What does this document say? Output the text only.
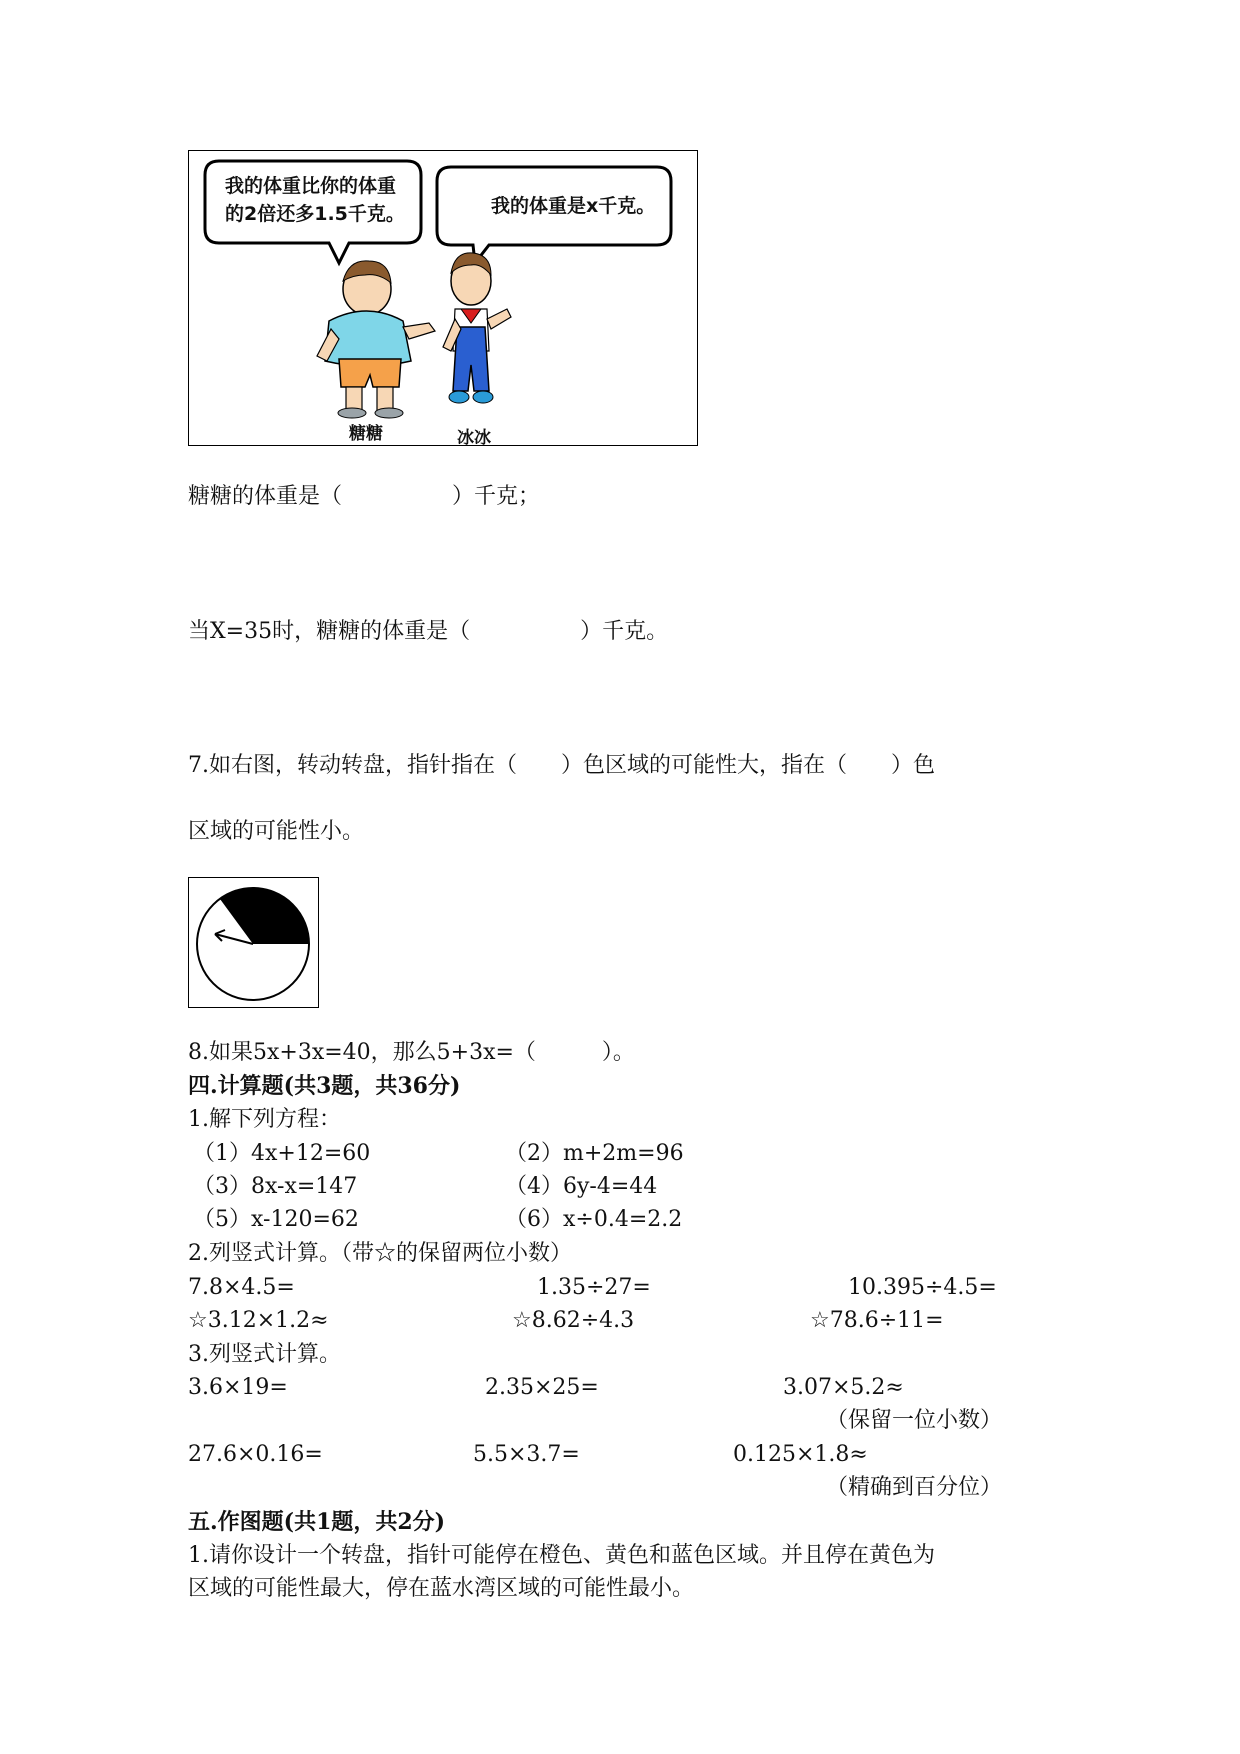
我的体重比你的体重
的2倍还多1.5千克。	我的体重是x千克。
糖糖	冰冰
糖糖的体重是（　　　　　）千克；
当X=35时，糖糖的体重是（　　　　　）千克。
7.如右图，转动转盘，指针指在（　　）色区域的可能性大，指在（　　）色
区域的可能性小。
8.如果5x+3x=40，那么5+3x=（　　　）。
四.计算题(共3题，共36分)
1.解下列方程：
（1）4x+12=60	（2）m+2m=96
（3）8x-x=147	（4）6y-4=44
（5）x-120=62	（6）x÷0.4=2.2
2.列竖式计算。（带☆的保留两位小数）
7.8×4.5=	1.35÷27=	10.395÷4.5=
☆3.12×1.2≈	☆8.62÷4.3	☆78.6÷11=
3.列竖式计算。
3.6×19=	2.35×25=	3.07×5.2≈
（保留一位小数）
27.6×0.16=	5.5×3.7=	0.125×1.8≈
（精确到百分位）
五.作图题(共1题，共2分)
1.请你设计一个转盘，指针可能停在橙色、黄色和蓝色区域。并且停在黄色为
区域的可能性最大，停在蓝水湾区域的可能性最小。
